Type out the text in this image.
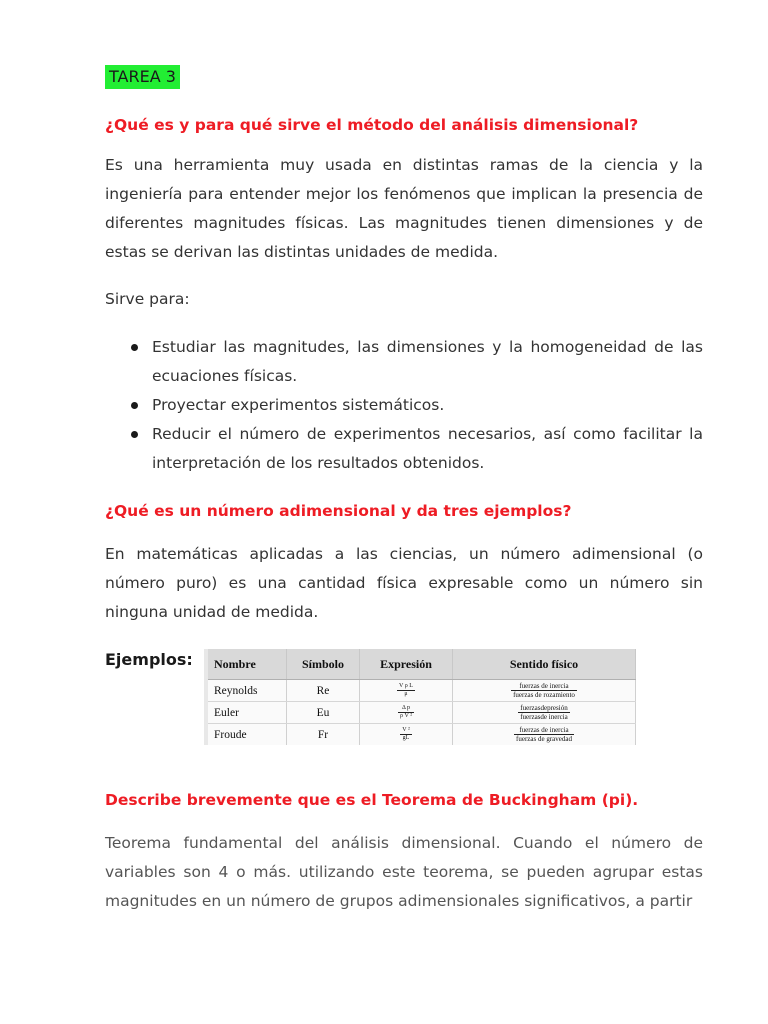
TAREA 3
¿Qué es y para qué sirve el método del análisis dimensional?
Es una herramienta muy usada en distintas ramas de la ciencia y la ingeniería para entender mejor los fenómenos que implican la presencia de diferentes magnitudes físicas. Las magnitudes tienen dimensiones y de estas se derivan las distintas unidades de medida.
Sirve para:
Estudiar las magnitudes, las dimensiones y la homogeneidad de las ecuaciones físicas.
Proyectar experimentos sistemáticos.
Reducir el número de experimentos necesarios, así como facilitar la interpretación de los resultados obtenidos.
¿Qué es un número adimensional y da tres ejemplos?
En matemáticas aplicadas a las ciencias, un número adimensional (o número puro) es una cantidad física expresable como un número sin ninguna unidad de medida.
Ejemplos: Nombre	Símbolo	Expresión	Sentido físico
Reynolds	Re	$\frac{\text{V ρ L}}{\mu}$	$\frac{\text{fuerzas de inercia}}{\text{fuerzas de rozamiento}}$

Euler	Eu	$\frac{\text{Δ p}}{\text{ρ V ²}}$	$\frac{\text{fuerzasdepresión}}{\text{fuerzasde inercia}}$

Froude	Fr	$\frac{\text{V ²}}{gL}$	$\frac{\text{fuerzas de inercia}}{\text{fuerzas de gravedad}}$
Describe brevemente que es el Teorema de Buckingham (pi).
Teorema fundamental del análisis dimensional. Cuando el número de variables son 4 o más. utilizando este teorema, se pueden agrupar estas magnitudes en un número de grupos adimensionales significativos, a partir
